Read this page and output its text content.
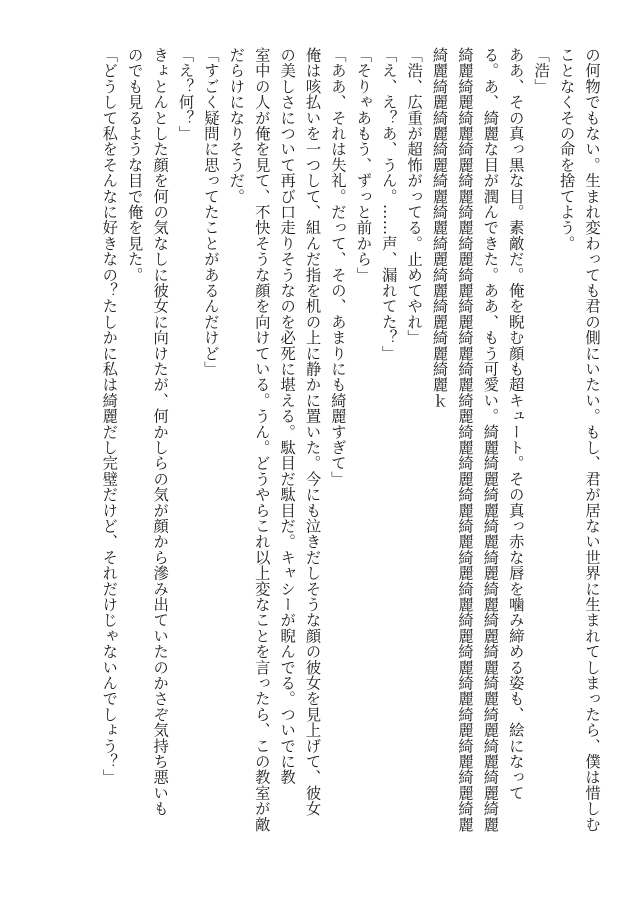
の何物でもない。生まれ変わっても君の側にいたい。もし、君が居ない世界に生まれてしまったら、僕は惜しむ
ことなくその命を捨てよう。
「浩」
ああ、その真っ黒な目。素敵だ。俺を睨む顔も超キュート。その真っ赤な唇を噛み締める姿も、絵になって
る。あ、綺麗な目が潤んできた。ああ、もう可愛い。綺麗綺麗綺麗綺麗綺麗綺麗綺麗綺麗綺麗綺麗綺麗綺麗綺麗
綺麗綺麗綺麗綺麗綺麗綺麗綺麗綺麗綺麗綺麗綺麗綺麗綺麗綺麗綺麗綺麗綺麗綺麗綺麗綺麗綺麗綺麗綺麗綺麗綺麗
綺麗綺麗綺麗綺麗綺麗綺麗綺麗綺麗綺麗綺麗綺麗ｋ
「浩、広重が超怖がってる。止めてやれ」
「え、え？あ、うん。……声、漏れてた？」
「そりゃあもう、ずっと前から」
「ああ、それは失礼。だって、その、あまりにも綺麗すぎて」
俺は咳払いを一つして、組んだ指を机の上に静かに置いた。今にも泣きだしそうな顔の彼女を見上げて、彼女
の美しさについて再び口走りそうなのを必死に堪える。駄目だ駄目だ。キャシーが睨んでる。ついでに教
室中の人が俺を見て、不快そうな顔を向けている。うん。どうやらこれ以上変なことを言ったら、この教室が敵
だらけになりそうだ。
「すごく疑問に思ってたことがあるんだけど」
「え？何？」
きょとんとした顔を何の気なしに彼女に向けたが、何かしらの気が顔から滲み出ていたのかさぞ気持ち悪いも
のでも見るような目で俺を見た。
「どうして私をそんなに好きなの？たしかに私は綺麗だし完璧だけど、それだけじゃないんでしょう？」
